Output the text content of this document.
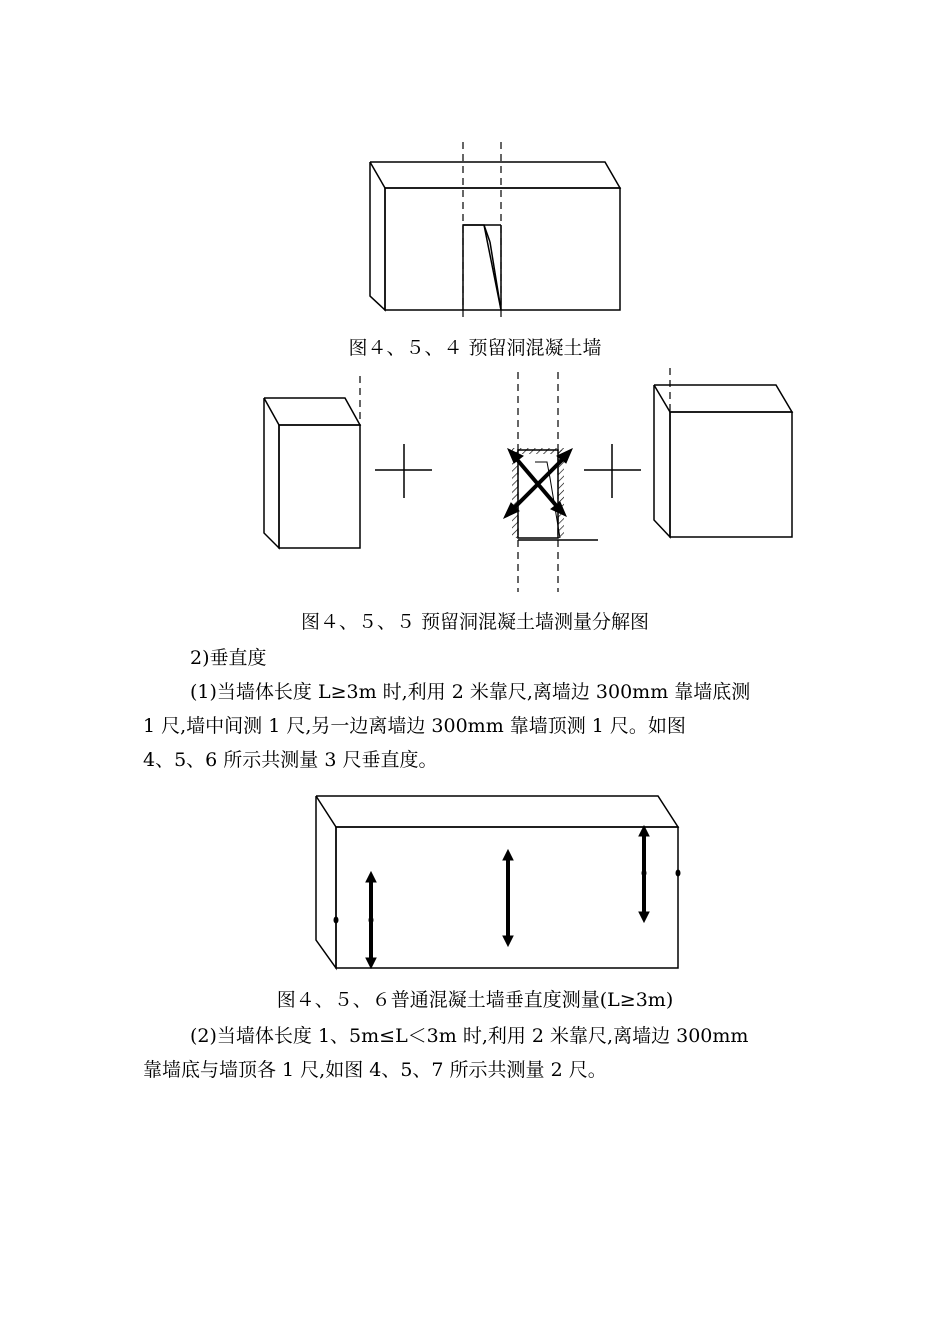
图４、５、４ 预留洞混凝土墙
图４、５、５ 预留洞混凝土墙测量分解图
2)垂直度
(1)当墙体长度 L≥3m 时,利用 2 米靠尺,离墙边 300mm 靠墙底测
1 尺,墙中间测 1 尺,另一边离墙边 300mm 靠墙顶测 1 尺。如图
4、5、6 所示共测量 3 尺垂直度。
图４、５、６普通混凝土墙垂直度测量(L≥3m)
(2)当墙体长度 1、5m≤L＜3m 时,利用 2 米靠尺,离墙边 300mm
靠墙底与墙顶各 1 尺,如图 4、5、7 所示共测量 2 尺。
